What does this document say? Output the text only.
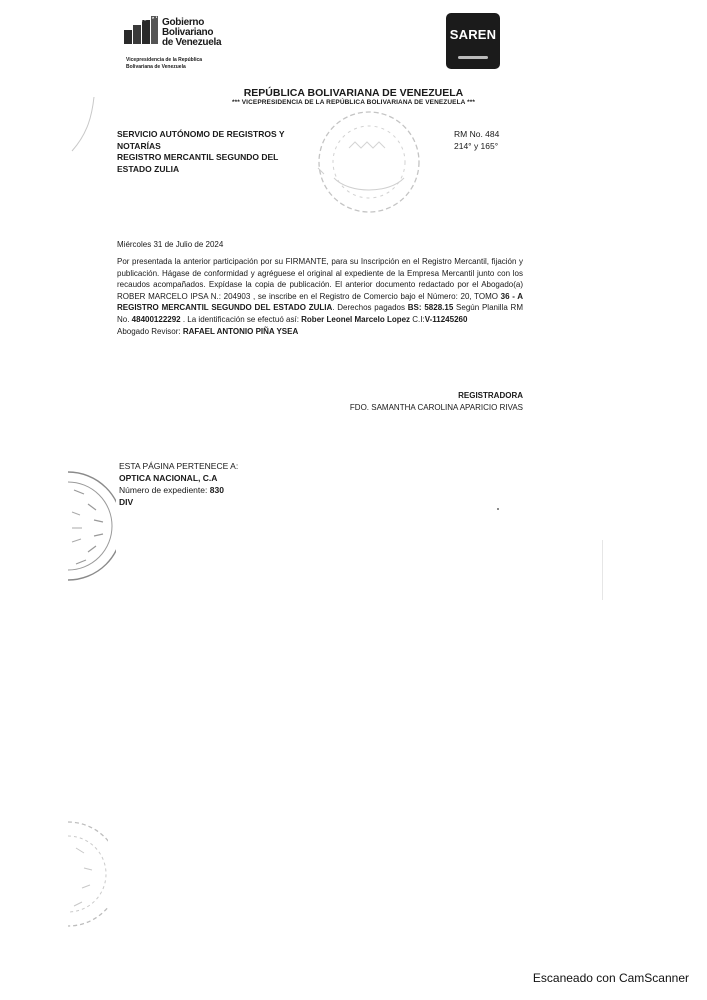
Gobierno
Bolivariano
de Venezuela
Vicepresidencia de la República
Bolivariana de Venezuela
SAREN
REPÚBLICA BOLIVARIANA DE VENEZUELA
*** VICEPRESIDENCIA DE LA REPÚBLICA BOLIVARIANA DE VENEZUELA ***
SERVICIO AUTÓNOMO DE REGISTROS Y
NOTARÍAS
REGISTRO MERCANTIL SEGUNDO DEL
ESTADO ZULIA
RM No. 484
214° y 165°
Miércoles 31 de Julio de 2024
Por presentada la anterior participación por su FIRMANTE, para su Inscripción en el Registro Mercantil, fijación y publicación. Hágase de conformidad y agréguese el original al expediente de la Empresa Mercantil junto con los recaudos acompañados. Expídase la copia de publicación. El anterior documento redactado por el Abogado(a) ROBER MARCELO IPSA N.: 204903 , se inscribe en el Registro de Comercio bajo el Número: 20, TOMO 36 - A REGISTRO MERCANTIL SEGUNDO DEL ESTADO ZULIA. Derechos pagados BS: 5828.15 Según Planilla RM No. 48400122292 . La identificación se efectuó así: Rober Leonel Marcelo Lopez C.I:V-11245260
Abogado Revisor: RAFAEL ANTONIO PIÑA YSEA
REGISTRADORA
FDO. SAMANTHA CAROLINA APARICIO RIVAS
ESTA PÁGINA PERTENECE A:
OPTICA NACIONAL, C.A
Número de expediente: 830
DIV
Escaneado con CamScanner
